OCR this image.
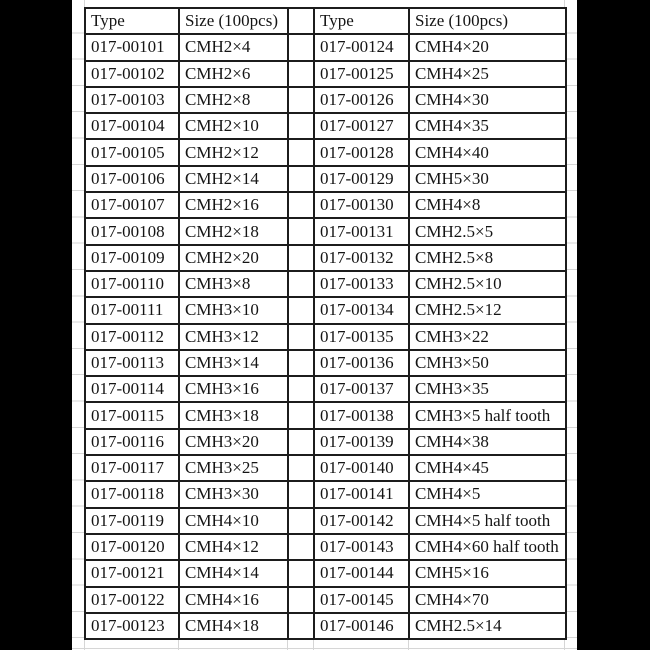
Type	Size (100pcs)		Type	Size (100pcs)
017-00101	CMH2×4		017-00124	CMH4×20
017-00102	CMH2×6		017-00125	CMH4×25
017-00103	CMH2×8		017-00126	CMH4×30
017-00104	CMH2×10		017-00127	CMH4×35
017-00105	CMH2×12		017-00128	CMH4×40
017-00106	CMH2×14		017-00129	CMH5×30
017-00107	CMH2×16		017-00130	CMH4×8
017-00108	CMH2×18		017-00131	CMH2.5×5
017-00109	CMH2×20		017-00132	CMH2.5×8
017-00110	CMH3×8		017-00133	CMH2.5×10
017-00111	CMH3×10		017-00134	CMH2.5×12
017-00112	CMH3×12		017-00135	CMH3×22
017-00113	CMH3×14		017-00136	CMH3×50
017-00114	CMH3×16		017-00137	CMH3×35
017-00115	CMH3×18		017-00138	CMH3×5 half tooth
017-00116	CMH3×20		017-00139	CMH4×38
017-00117	CMH3×25		017-00140	CMH4×45
017-00118	CMH3×30		017-00141	CMH4×5
017-00119	CMH4×10		017-00142	CMH4×5 half tooth
017-00120	CMH4×12		017-00143	CMH4×60 half tooth
017-00121	CMH4×14		017-00144	CMH5×16
017-00122	CMH4×16		017-00145	CMH4×70
017-00123	CMH4×18		017-00146	CMH2.5×14
